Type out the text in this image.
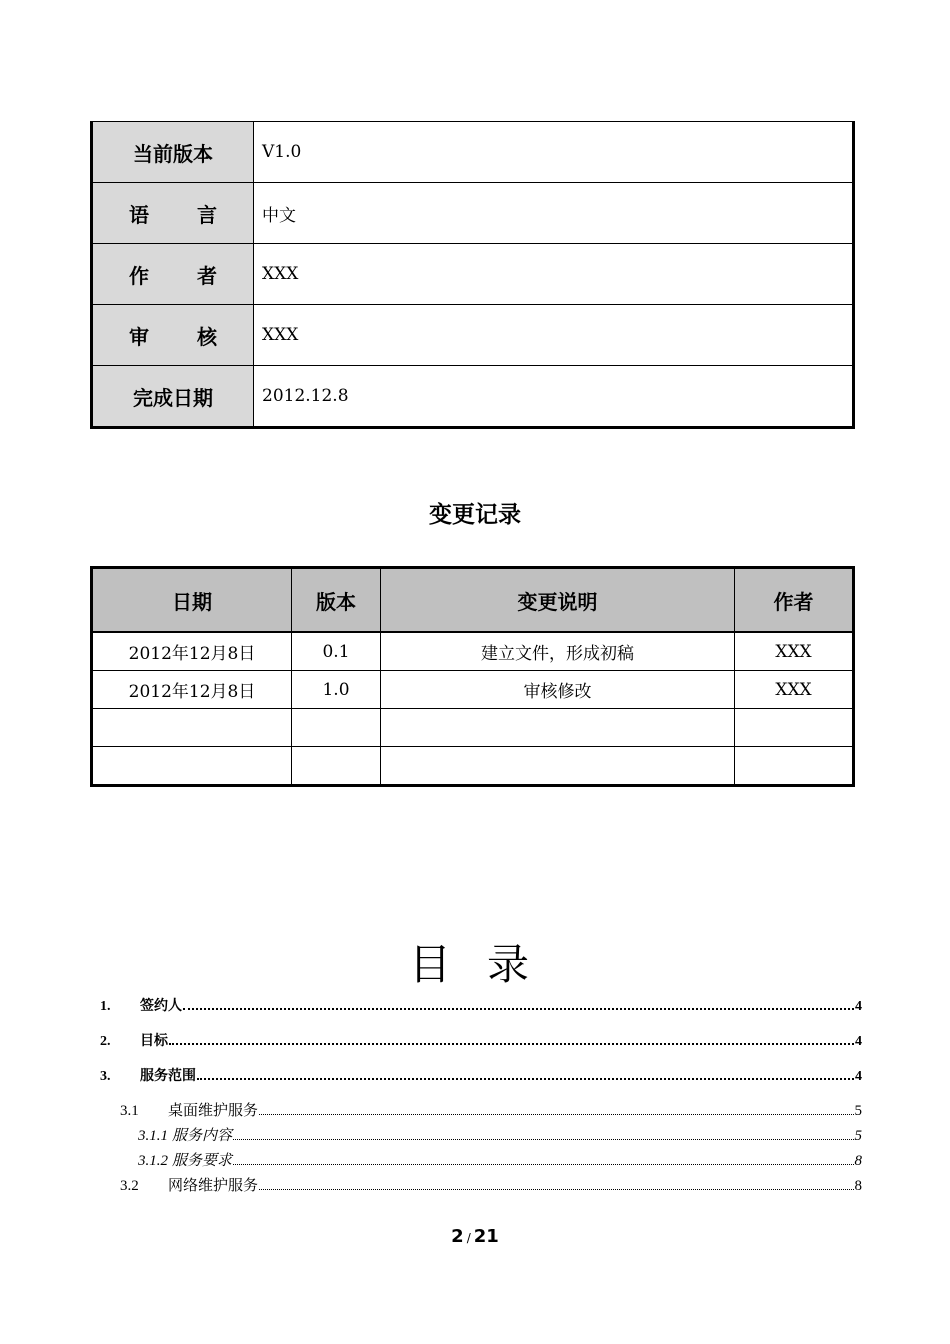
当前版本	V1.0

语 言	中文

作 者	XXX

审 核	XXX
完成日期	2012.12.8
变更记录
日期	版本	变更说明	作者
2012年12月8日	0.1	建立文件，形成初稿	XXX
2012年12月8日	1.0	审核修改	XXX

目录
1.	签约人	4
2.	目标	4
3.	服务范围	4
3.1	桌面维护服务	5
3.1.1 服务内容	5
3.1.2 服务要求	8
3.2	网络维护服务	8
2 / 21
